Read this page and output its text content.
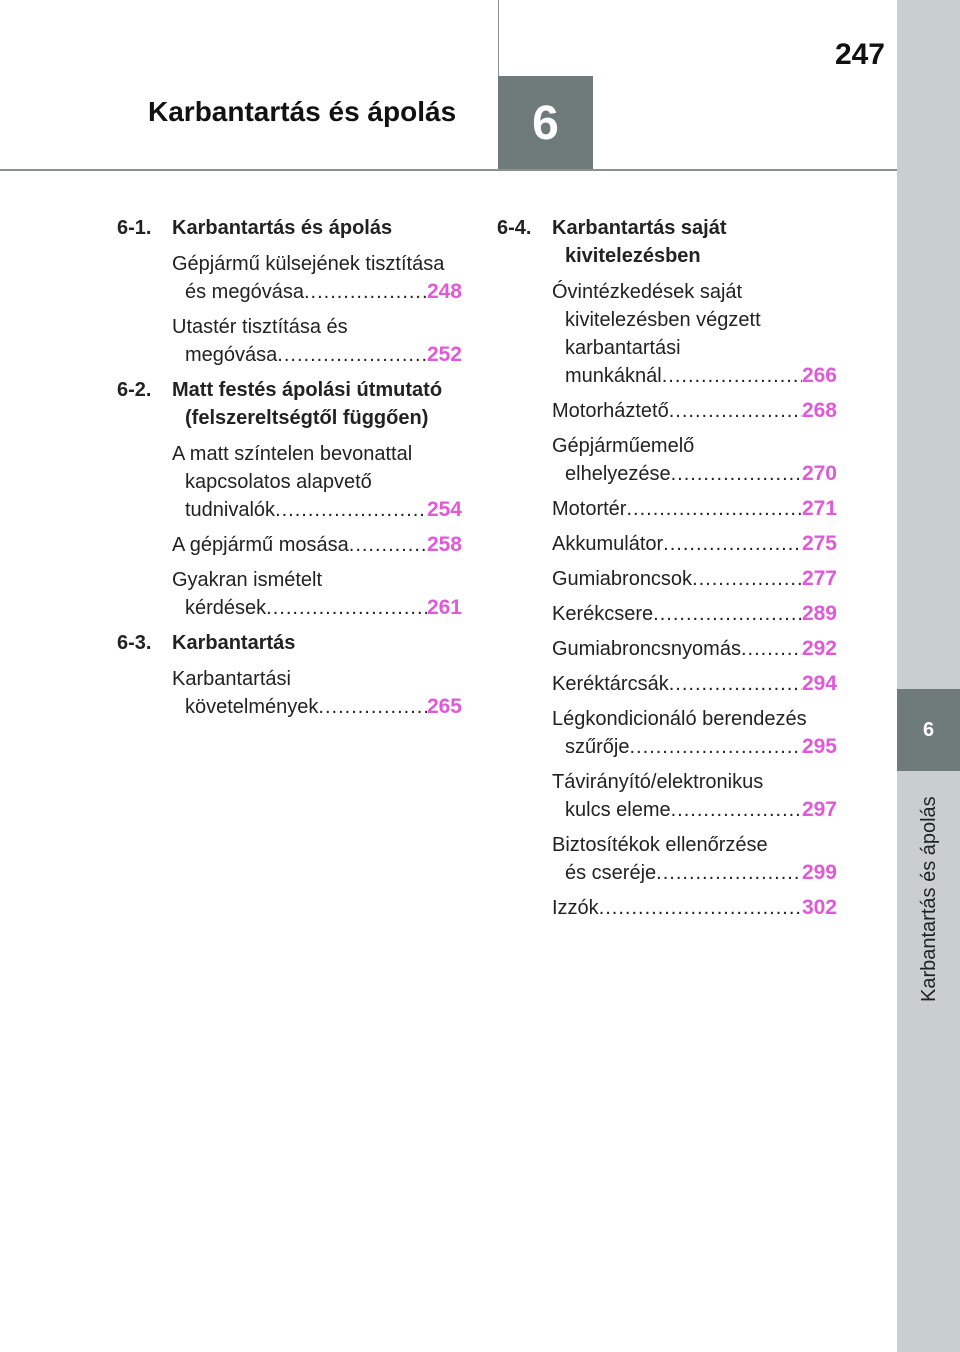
247
Karbantartás és ápolás	6
6
Karbantartás és ápolás
6-1.	Karbantartás és ápolás
Gépjármű külsejének tisztítása
és megóvása .....	248
Utastér tisztítása és
megóvása .....	252
6-2.	Matt festés ápolási útmutató (felszereltségtől függően)
A matt színtelen bevonattal
kapcsolatos alapvető
tudnivalók .....	254
A gépjármű mosása .....	258
Gyakran ismételt
kérdések .....	261
6-3.	Karbantartás
Karbantartási
követelmények .....	265
6-4.	Karbantartás saját kivitelezésben
Óvintézkedések saját
kivitelezésben végzett
karbantartási
munkáknál .....	266
Motorháztető .....	268
Gépjárműemelő
elhelyezése .....	270
Motortér .....	271
Akkumulátor .....	275
Gumiabroncsok .....	277
Kerékcsere .....	289
Gumiabroncsnyomás .....	292
Keréktárcsák .....	294
Légkondicionáló berendezés
szűrője .....	295
Távirányító/elektronikus
kulcs eleme .....	297
Biztosítékok ellenőrzése
és cseréje .....	299
Izzók .....	302
